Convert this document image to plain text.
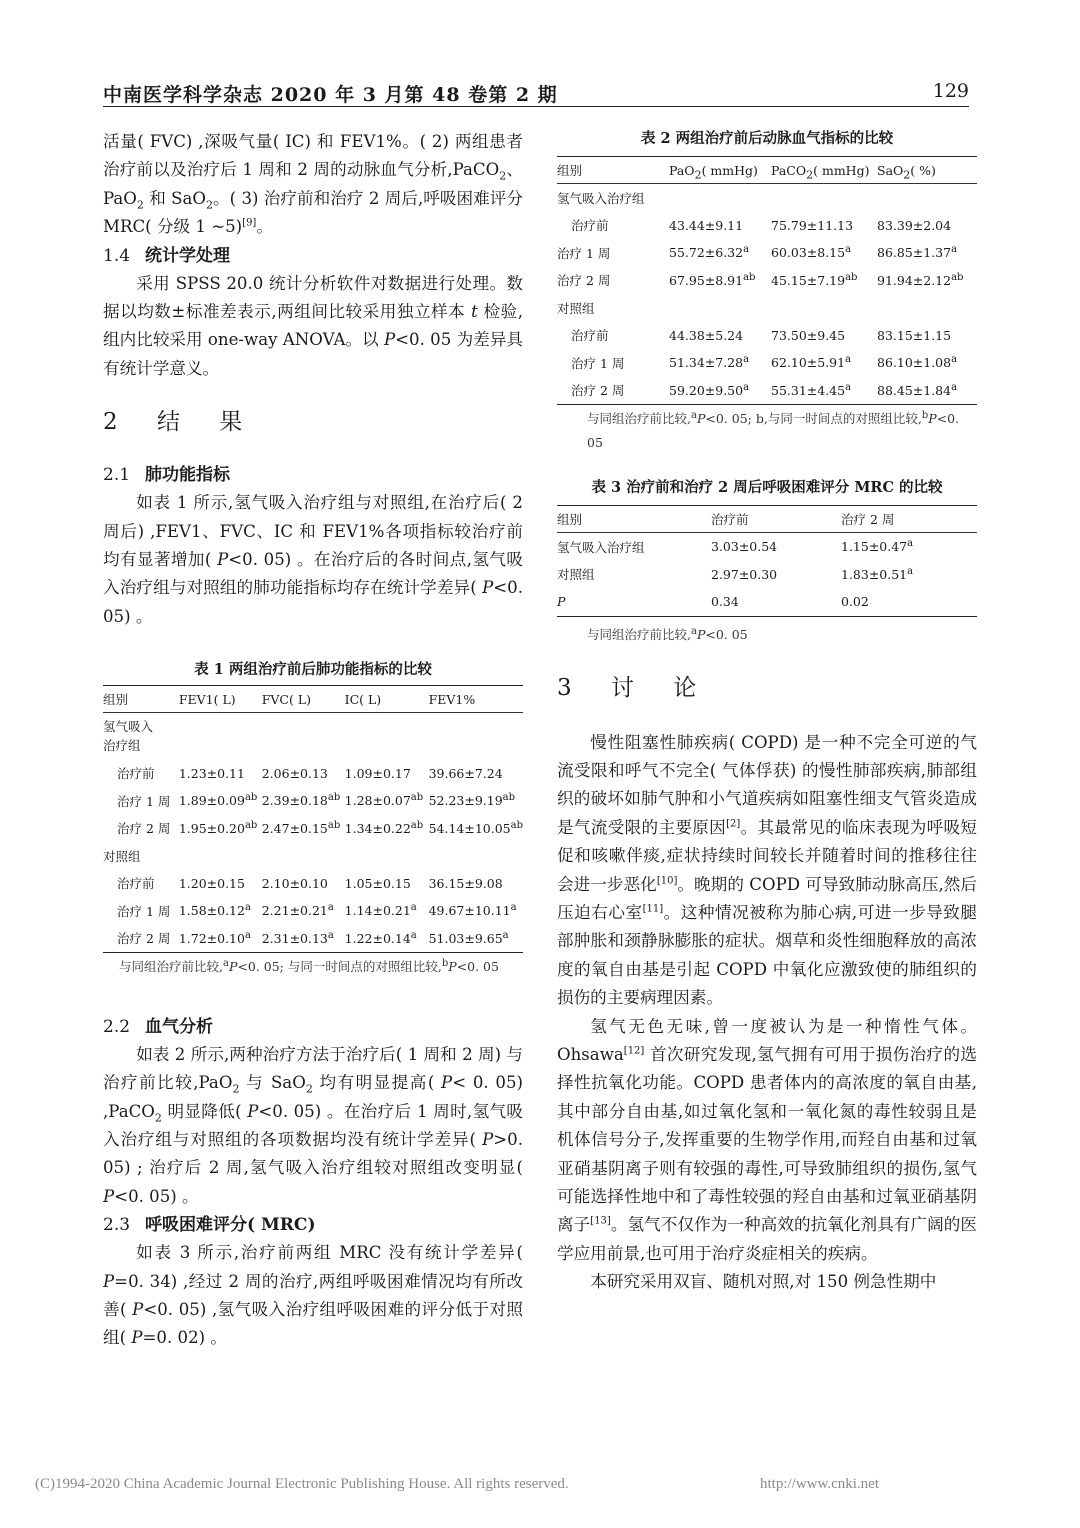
中南医学科学杂志 2020 年 3 月第 48 卷第 2 期	129

活量( FVC) ,深吸气量( IC) 和 FEV1%。( 2) 两组患者治疗前以及治疗后 1 周和 2 周的动脉血气分析,PaCO$_2$、PaO$_2$ 和 SaO$_2$。( 3) 治疗前和治疗 2 周后,呼吸困难评分 MRC( 分级 1 ~5)[9]。

1.4 统计学处理

采用 SPSS 20.0 统计分析软件对数据进行处理。数据以均数±标准差表示,两组间比较采用独立样本 t 检验,组内比较采用 one-way ANOVA。以 P<0. 05 为差异具有统计学意义。

2 结 果
2.1 肺功能指标

如表 1 所示,氢气吸入治疗组与对照组,在治疗后( 2 周后) ,FEV1、FVC、IC 和 FEV1%各项指标较治疗前均有显著增加( P<0. 05) 。在治疗后的各时间点,氢气吸入治疗组与对照组的肺功能指标均存在统计学差异( P<0. 05) 。

表 1 两组治疗前后肺功能指标的比较
组别	FEV1( L)	FVC( L)	IC( L)	FEV1%
氢气吸入治疗组				
治疗前	1.23±0.11	2.06±0.13	1.09±0.17	39.66±7.24
治疗 1 周	1.89±0.09$^{ab}$	2.39±0.18$^{ab}$	1.28±0.07$^{ab}$	52.23±9.19$^{ab}$
治疗 2 周	1.95±0.20$^{ab}$	2.47±0.15$^{ab}$	1.34±0.22$^{ab}$	54.14±10.05$^{ab}$
对照组				
治疗前	1.20±0.15	2.10±0.10	1.05±0.15	36.15±9.08
治疗 1 周	1.58±0.12$^a$	2.21±0.21$^a$	1.14±0.21$^a$	49.67±10.11$^a$
治疗 2 周	1.72±0.10$^a$	2.31±0.13$^a$	1.22±0.14$^a$	51.03±9.65$^a$
与同组治疗前比较,$^a$P<0. 05; 与同一时间点的对照组比较,$^b$P<0. 05
2.2 血气分析

如表 2 所示,两种治疗方法于治疗后( 1 周和 2 周) 与治疗前比较,PaO$_2$ 与 SaO$_2$ 均有明显提高( P< 0. 05) ,PaCO$_2$ 明显降低( P<0. 05) 。在治疗后 1 周时,氢气吸入治疗组与对照组的各项数据均没有统计学差异( P>0. 05) ; 治疗后 2 周,氢气吸入治疗组较对照组改变明显( P<0. 05) 。

2.3 呼吸困难评分( MRC)

如表 3 所示,治疗前两组 MRC 没有统计学差异( P=0. 34) ,经过 2 周的治疗,两组呼吸困难情况均有所改善( P<0. 05) ,氢气吸入治疗组呼吸困难的评分低于对照组( P=0. 02) 。

表 2 两组治疗前后动脉血气指标的比较
组别	PaO$_2$( mmHg)	PaCO$_2$( mmHg)	SaO$_2$( %)
氢气吸入治疗组			
治疗前	43.44±9.11	75.79±11.13	83.39±2.04
治疗 1 周	55.72±6.32$^a$	60.03±8.15$^a$	86.85±1.37$^a$
治疗 2 周	67.95±8.91$^{ab}$	45.15±7.19$^{ab}$	91.94±2.12$^{ab}$
对照组			
治疗前	44.38±5.24	73.50±9.45	83.15±1.15
治疗 1 周	51.34±7.28$^a$	62.10±5.91$^a$	86.10±1.08$^a$
治疗 2 周	59.20±9.50$^a$	55.31±4.45$^a$	88.45±1.84$^a$
与同组治疗前比较,$^a$P<0. 05; b,与同一时间点的对照组比较,$^b$P<0. 05
表 3 治疗前和治疗 2 周后呼吸困难评分 MRC 的比较
组别	治疗前	治疗 2 周
氢气吸入治疗组	3.03±0.54	1.15±0.47$^a$
对照组	2.97±0.30	1.83±0.51$^a$
P	0.34	0.02
与同组治疗前比较,$^a$P<0. 05
3 讨 论

慢性阻塞性肺疾病( COPD) 是一种不完全可逆的气流受限和呼气不完全( 气体俘获) 的慢性肺部疾病,肺部组织的破坏如肺气肿和小气道疾病如阻塞性细支气管炎造成是气流受限的主要原因[2]。其最常见的临床表现为呼吸短促和咳嗽伴痰,症状持续时间较长并随着时间的推移往往会进一步恶化[10]。晚期的 COPD 可导致肺动脉高压,然后压迫右心室[11]。这种情况被称为肺心病,可进一步导致腿部肿胀和颈静脉膨胀的症状。烟草和炎性细胞释放的高浓度的氧自由基是引起 COPD 中氧化应激致使的肺组织的损伤的主要病理因素。

氢气无色无味,曾一度被认为是一种惰性气体。Ohsawa[12] 首次研究发现,氢气拥有可用于损伤治疗的选择性抗氧化功能。COPD 患者体内的高浓度的氧自由基,其中部分自由基,如过氧化氢和一氧化氮的毒性较弱且是机体信号分子,发挥重要的生物学作用,而羟自由基和过氧亚硝基阴离子则有较强的毒性,可导致肺组织的损伤,氢气可能选择性地中和了毒性较强的羟自由基和过氧亚硝基阴离子[13]。氢气不仅作为一种高效的抗氧化剂具有广阔的医学应用前景,也可用于治疗炎症相关的疾病。

本研究采用双盲、随机对照,对 150 例急性期中

(C)1994-2020 China Academic Journal Electronic Publishing House. All rights reserved.	http://www.cnki.net
